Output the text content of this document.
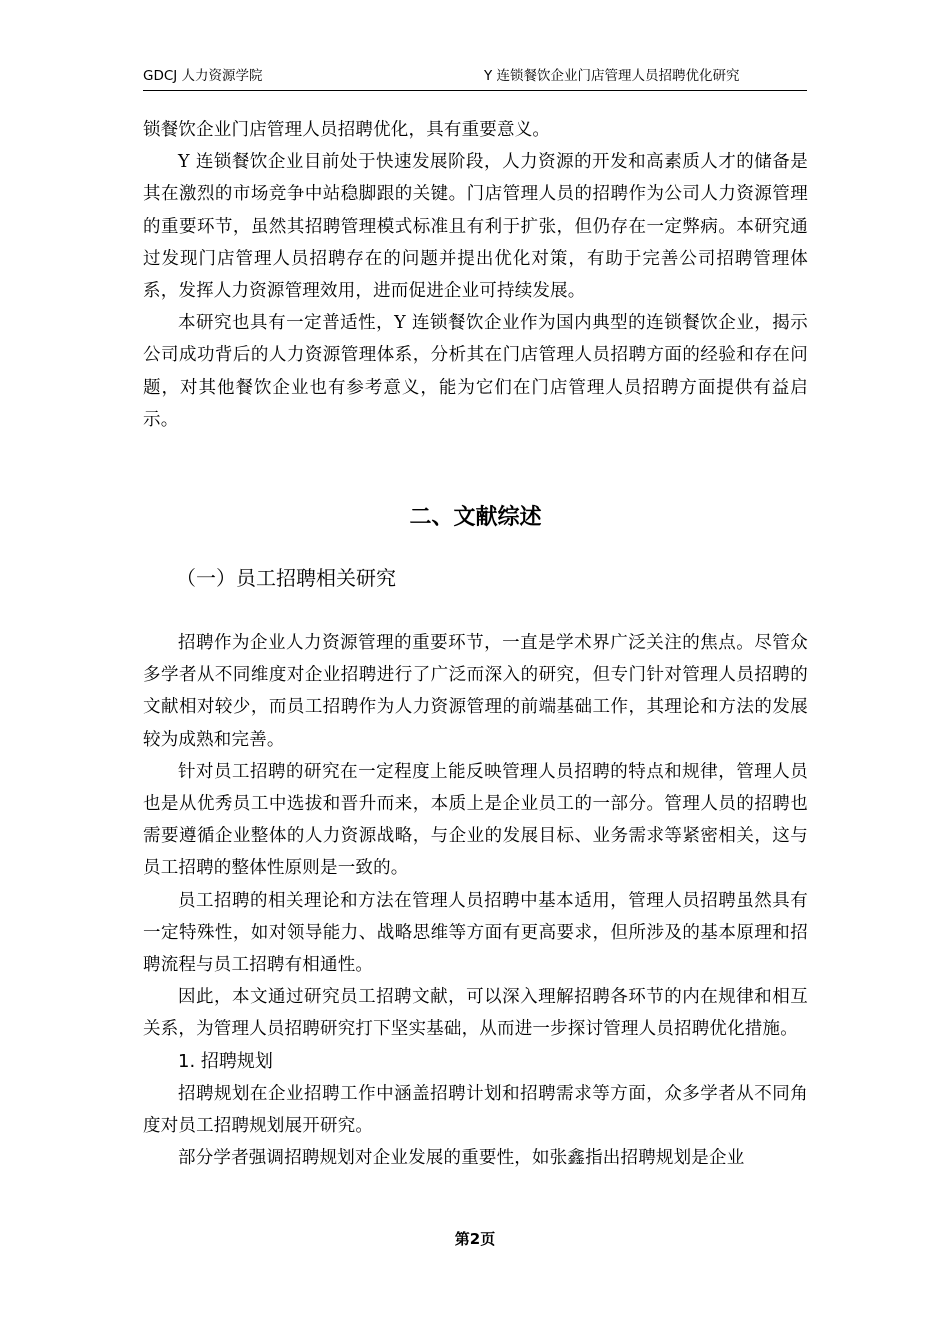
GDCJ 人力资源学院	Y 连锁餐饮企业门店管理人员招聘优化研究

锁餐饮企业门店管理人员招聘优化，具有重要意义。

Y 连锁餐饮企业目前处于快速发展阶段，人力资源的开发和高素质人才的储备是其在激烈的市场竞争中站稳脚跟的关键。门店管理人员的招聘作为公司人力资源管理的重要环节，虽然其招聘管理模式标准且有利于扩张，但仍存在一定弊病。本研究通过发现门店管理人员招聘存在的问题并提出优化对策，有助于完善公司招聘管理体系，发挥人力资源管理效用，进而促进企业可持续发展。

本研究也具有一定普适性，Y 连锁餐饮企业作为国内典型的连锁餐饮企业，揭示公司成功背后的人力资源管理体系，分析其在门店管理人员招聘方面的经验和存在问题，对其他餐饮企业也有参考意义，能为它们在门店管理人员招聘方面提供有益启示。

二、文献综述
（一）员工招聘相关研究

招聘作为企业人力资源管理的重要环节，一直是学术界广泛关注的焦点。尽管众多学者从不同维度对企业招聘进行了广泛而深入的研究，但专门针对管理人员招聘的文献相对较少，而员工招聘作为人力资源管理的前端基础工作，其理论和方法的发展较为成熟和完善。

针对员工招聘的研究在一定程度上能反映管理人员招聘的特点和规律，管理人员也是从优秀员工中选拔和晋升而来，本质上是企业员工的一部分。管理人员的招聘也需要遵循企业整体的人力资源战略，与企业的发展目标、业务需求等紧密相关，这与员工招聘的整体性原则是一致的。

员工招聘的相关理论和方法在管理人员招聘中基本适用，管理人员招聘虽然具有一定特殊性，如对领导能力、战略思维等方面有更高要求，但所涉及的基本原理和招聘流程与员工招聘有相通性。

因此，本文通过研究员工招聘文献，可以深入理解招聘各环节的内在规律和相互关系，为管理人员招聘研究打下坚实基础，从而进一步探讨管理人员招聘优化措施。

1. 招聘规划

招聘规划在企业招聘工作中涵盖招聘计划和招聘需求等方面，众多学者从不同角度对员工招聘规划展开研究。

部分学者强调招聘规划对企业发展的重要性，如张鑫指出招聘规划是企业

第2页
